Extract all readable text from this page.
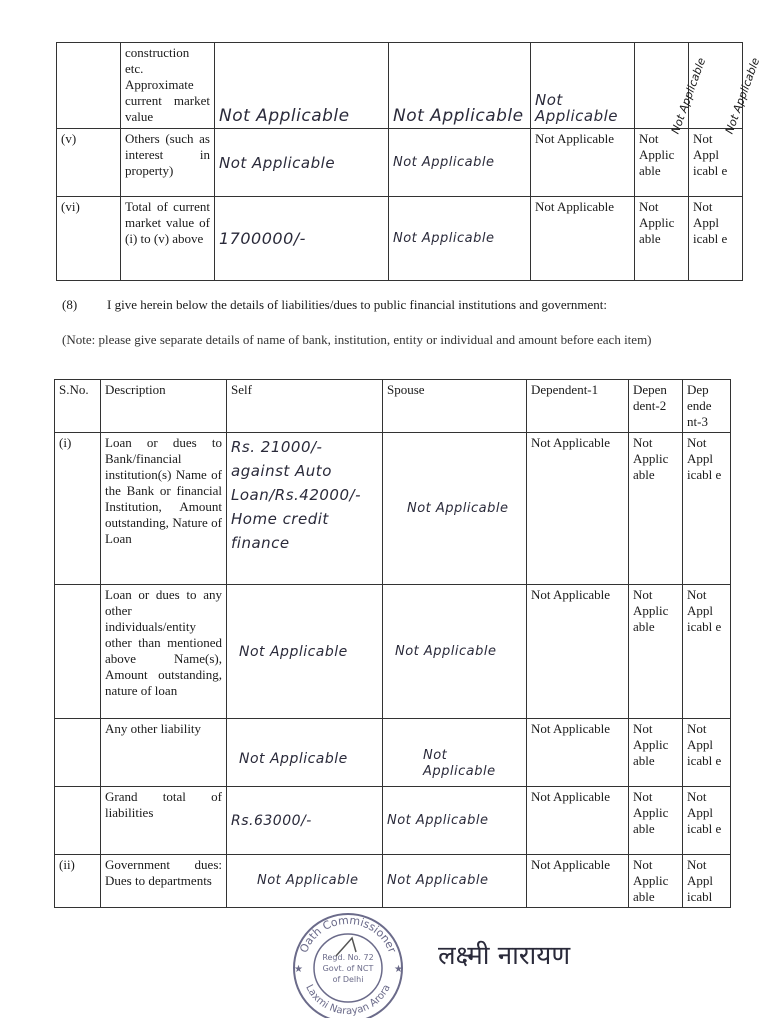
	construction etc. Approximate current market value	Not Applicable	Not Applicable	Not Applicable	Not Applicable	Not Applicable
(v)	Others (such as interest in property)	Not Applicable	Not Applicable	Not Applicable	Not Applic able	Not Appl icabl e
(vi)	Total of current market value of (i) to (v) above	1700000/-	Not Applicable	Not Applicable	Not Applic able	Not Appl icabl e
(8) I give herein below the details of liabilities/dues to public financial institutions and government:
(Note: please give separate details of name of bank, institution, entity or individual and amount before each item)
S.No.	Description	Self	Spouse	Dependent-1	Depen dent-2	Dep ende nt-3
(i)	Loan or dues to Bank/financial institution(s) Name of the Bank or financial Institution, Amount outstanding, Nature of Loan	Rs. 21000/- against Auto Loan/Rs.42000/- Home credit finance	Not Applicable	Not Applicable	Not Applic able	Not Appl icabl e
	Loan or dues to any other individuals/entity other than mentioned above Name(s), Amount outstanding, nature of loan	Not Applicable	Not Applicable	Not Applicable	Not Applic able	Not Appl icabl e
	Any other liability	Not Applicable	Not Applicable	Not Applicable	Not Applic able	Not Appl icabl e
	Grand total of liabilities	Rs.63000/-	Not Applicable	Not Applicable	Not Applic able	Not Appl icabl e
(ii)	Government dues: Dues to departments	Not Applicable	Not Applicable	Not Applicable	Not Applic able	Not Appl icabl
Oath Commissioner
Laxmi Narayan Arora
★	★
Regd. No. 72
Govt. of NCT
of Delhi
लक्ष्मी नारायण
